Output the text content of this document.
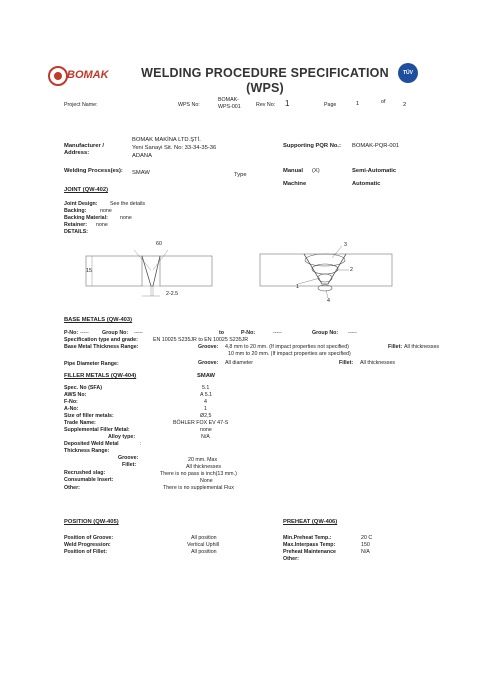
BOMAK	WELDING PROCEDURE SPECIFICATION
(WPS)
TÜV
Project Name:	WPS No:
BOMAK-
WPS-001	Rev No: 1	Page	1	of	2
Manufacturer /
Address:
BOMAK MAKİNA LTD.ŞTİ.
Yeni Sanayi Sit. No: 33-34-35-36
ADANA
Supporting PQR No.: BOMAK-PQR-001
Welding Process(es): SMAW	Type
Manual (X)	Semi-Automatic
Machine	Automatic
JOINT (QW-402)
Joint Design: See the details
Backing:	none
Backing Material: none
Retainer: none
DETAILS:
60
15
2-2.5
3
2
1
4
BASE METALS (QW-403)
P-No: ----- Group No: -----	to	P-No:	-----	Group No: -----
Specification type and grade:	EN 10025 S235JR to EN 10025 S235JR
Base Metal Thickness Range:	Groove: 4,8 mm to 20 mm. (If impact properties not specified)
10 mm to 20 mm. (If impact properties are specified)
Fillet: All thicknesses
Pipe Diameter Range:	Groove: All diameter	Fillet: All thicknesses
FILLER METALS (QW-404)	SMAW
Spec. No (SFA)	5.1
AWS No:	A 5.1
F-No:	4
A-No:	1
Size of filler metals:	Ø2,5
Trade Name:	BÖHLER FOX EV 47-S
Supplemental Filler Metal:	none
Alloy type:	N/A
Deposited Weld Metal	:
Thickness Range:
Groove:	20 mm. Max
Fillet:	All thicknesses
Recrushed slag:	There is no pass is inch(13 mm.)
Consumable Insert:	None
Other:	There is no supplemental Flux
POSITION (QW-405)
Position of Groove:	All position
Weld Progression:	Vertical Uphill
Position of Fillet:	All position
PREHEAT (QW-406)
Min.Preheat Temp.:	20 C
Max.Interpass Temp:	150
Preheat Maintenance	N/A
Other:
